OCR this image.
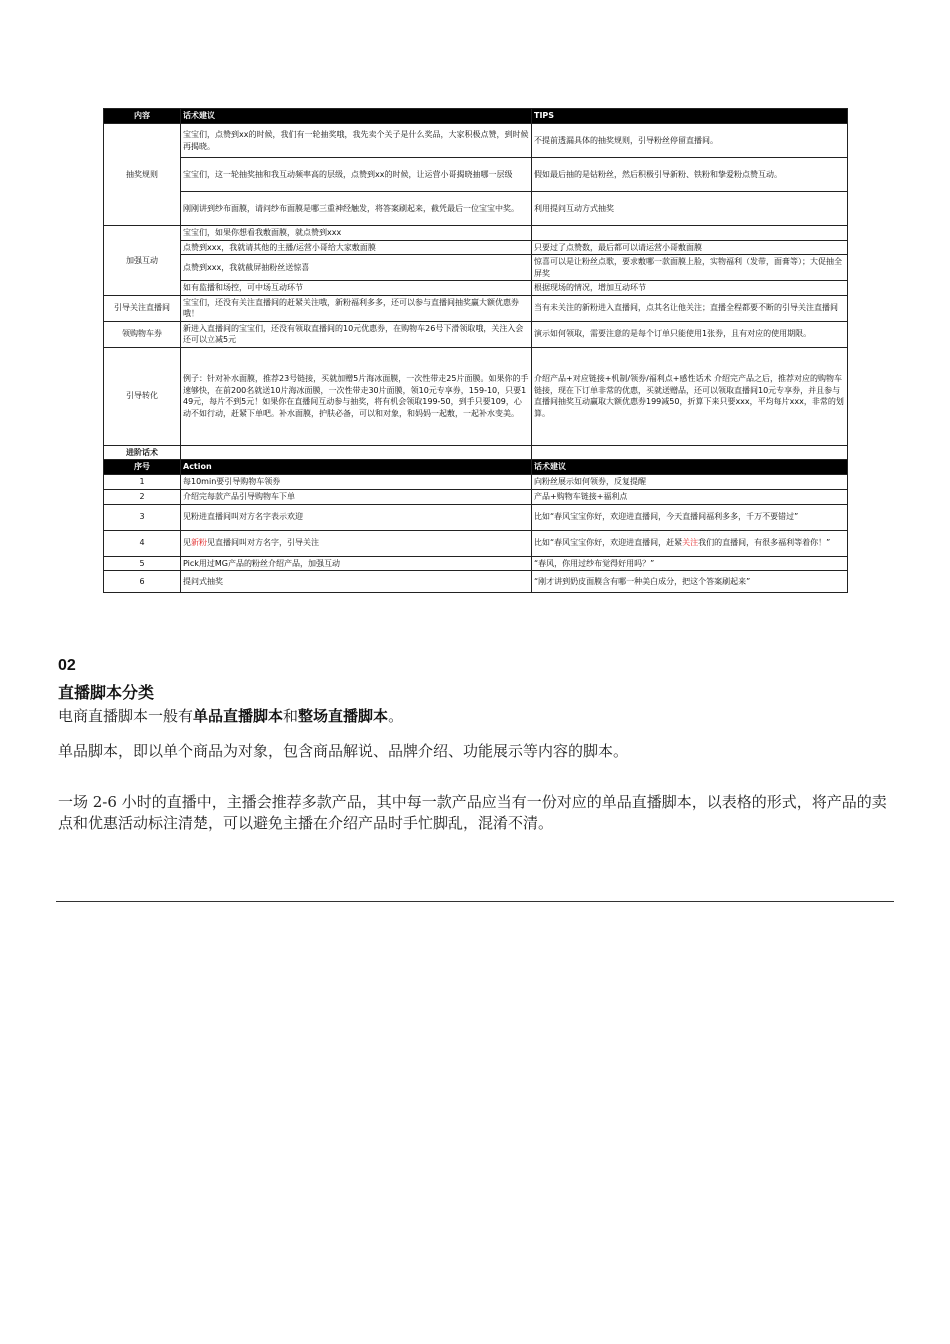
内容	话术建议	TIPS
抽奖规则	宝宝们，点赞到xx的时候，我们有一轮抽奖哦，我先卖个关子是什么奖品，大家积极点赞，到时候再揭晓。	不提前透漏具体的抽奖规则，引导粉丝停留直播间。
	宝宝们，这一轮抽奖抽和我互动频率高的层级，点赞到xx的时候，让运营小哥揭晓抽哪一层级	假如最后抽的是钻粉丝，然后积极引导新粉、铁粉和挚爱粉点赞互动。
	刚刚讲到纱布面膜，请问纱布面膜是哪三重神经触发，将答案刷起来，截凭最后一位宝宝中奖。	利用提问互动方式抽奖
加强互动	宝宝们，如果你想看我敷面膜，就点赞到xxx	
	点赞到xxx，我就请其他的主播/运营小哥给大家敷面膜	只要过了点赞数，最后都可以请运营小哥敷面膜
	点赞到xxx，我就截屏抽粉丝送惊喜	惊喜可以是让粉丝点歌，要求敷哪一款面膜上脸，实物福利（发带，面膏等）；大促抽全屏奖
	如有监播和场控，可中场互动环节	根据现场的情况，增加互动环节
引导关注直播间	宝宝们，还没有关注直播间的赶紧关注哦，新粉福利多多，还可以参与直播间抽奖赢大额优惠券哦！	当有未关注的新粉进入直播间，点其名让他关注；直播全程都要不断的引导关注直播间
领购物车券	新进入直播间的宝宝们，还没有领取直播间的10元优惠券，在购物车26号下滑领取哦，关注入会还可以立减5元	演示如何领取，需要注意的是每个订单只能使用1张券，且有对应的使用期限。
引导转化	例子：针对补水面膜，推荐23号链接，买就加赠5片海冰面膜，一次性带走25片面膜。如果你的手速够快，在前200名就送10片海冰面膜，一次性带走30片面膜，领10元专享券，159-10，只要149元，每片不到5元！如果你在直播间互动参与抽奖，将有机会领取199-50，到手只要109，心动不如行动，赶紧下单吧。补水面膜，护肤必备，可以和对象，和妈妈一起敷，一起补水变美。	介绍产品+对应链接+机制/领券/福利点+感性话术 介绍完产品之后，推荐对应的购物车链接，现在下订单非常的优惠，买就送赠品，还可以领取直播间10元专享券，并且参与直播间抽奖互动赢取大额优惠券199减50，折算下来只要xxx，平均每片xxx，非常的划算。
进阶话术		
序号	Action	话术建议
1	每10min要引导购物车领券	向粉丝展示如何领券，反复提醒
2	介绍完每款产品引导购物车下单	产品+购物车链接+福利点
3	见粉进直播间叫对方名字表示欢迎	比如“春风宝宝你好，欢迎进直播间，今天直播间福利多多，千万不要错过”
4	见新粉见直播间叫对方名字，引导关注	比如“春风宝宝你好，欢迎进直播间，赶紧关注我们的直播间，有很多福利等着你！”
5	Pick用过MG产品的粉丝介绍产品，加强互动	“春风，你用过纱布觉得好用吗？”
6	提问式抽奖	“刚才讲到奶皮面膜含有哪一种美白成分，把这个答案刷起来”
02
直播脚本分类
电商直播脚本一般有单品直播脚本和整场直播脚本。
单品脚本，即以单个商品为对象，包含商品解说、品牌介绍、功能展示等内容的脚本。
一场 2-6 小时的直播中，主播会推荐多款产品，其中每一款产品应当有一份对应的单品直播脚本，以表格的形式，将产品的卖点和优惠活动标注清楚，可以避免主播在介绍产品时手忙脚乱，混淆不清。
